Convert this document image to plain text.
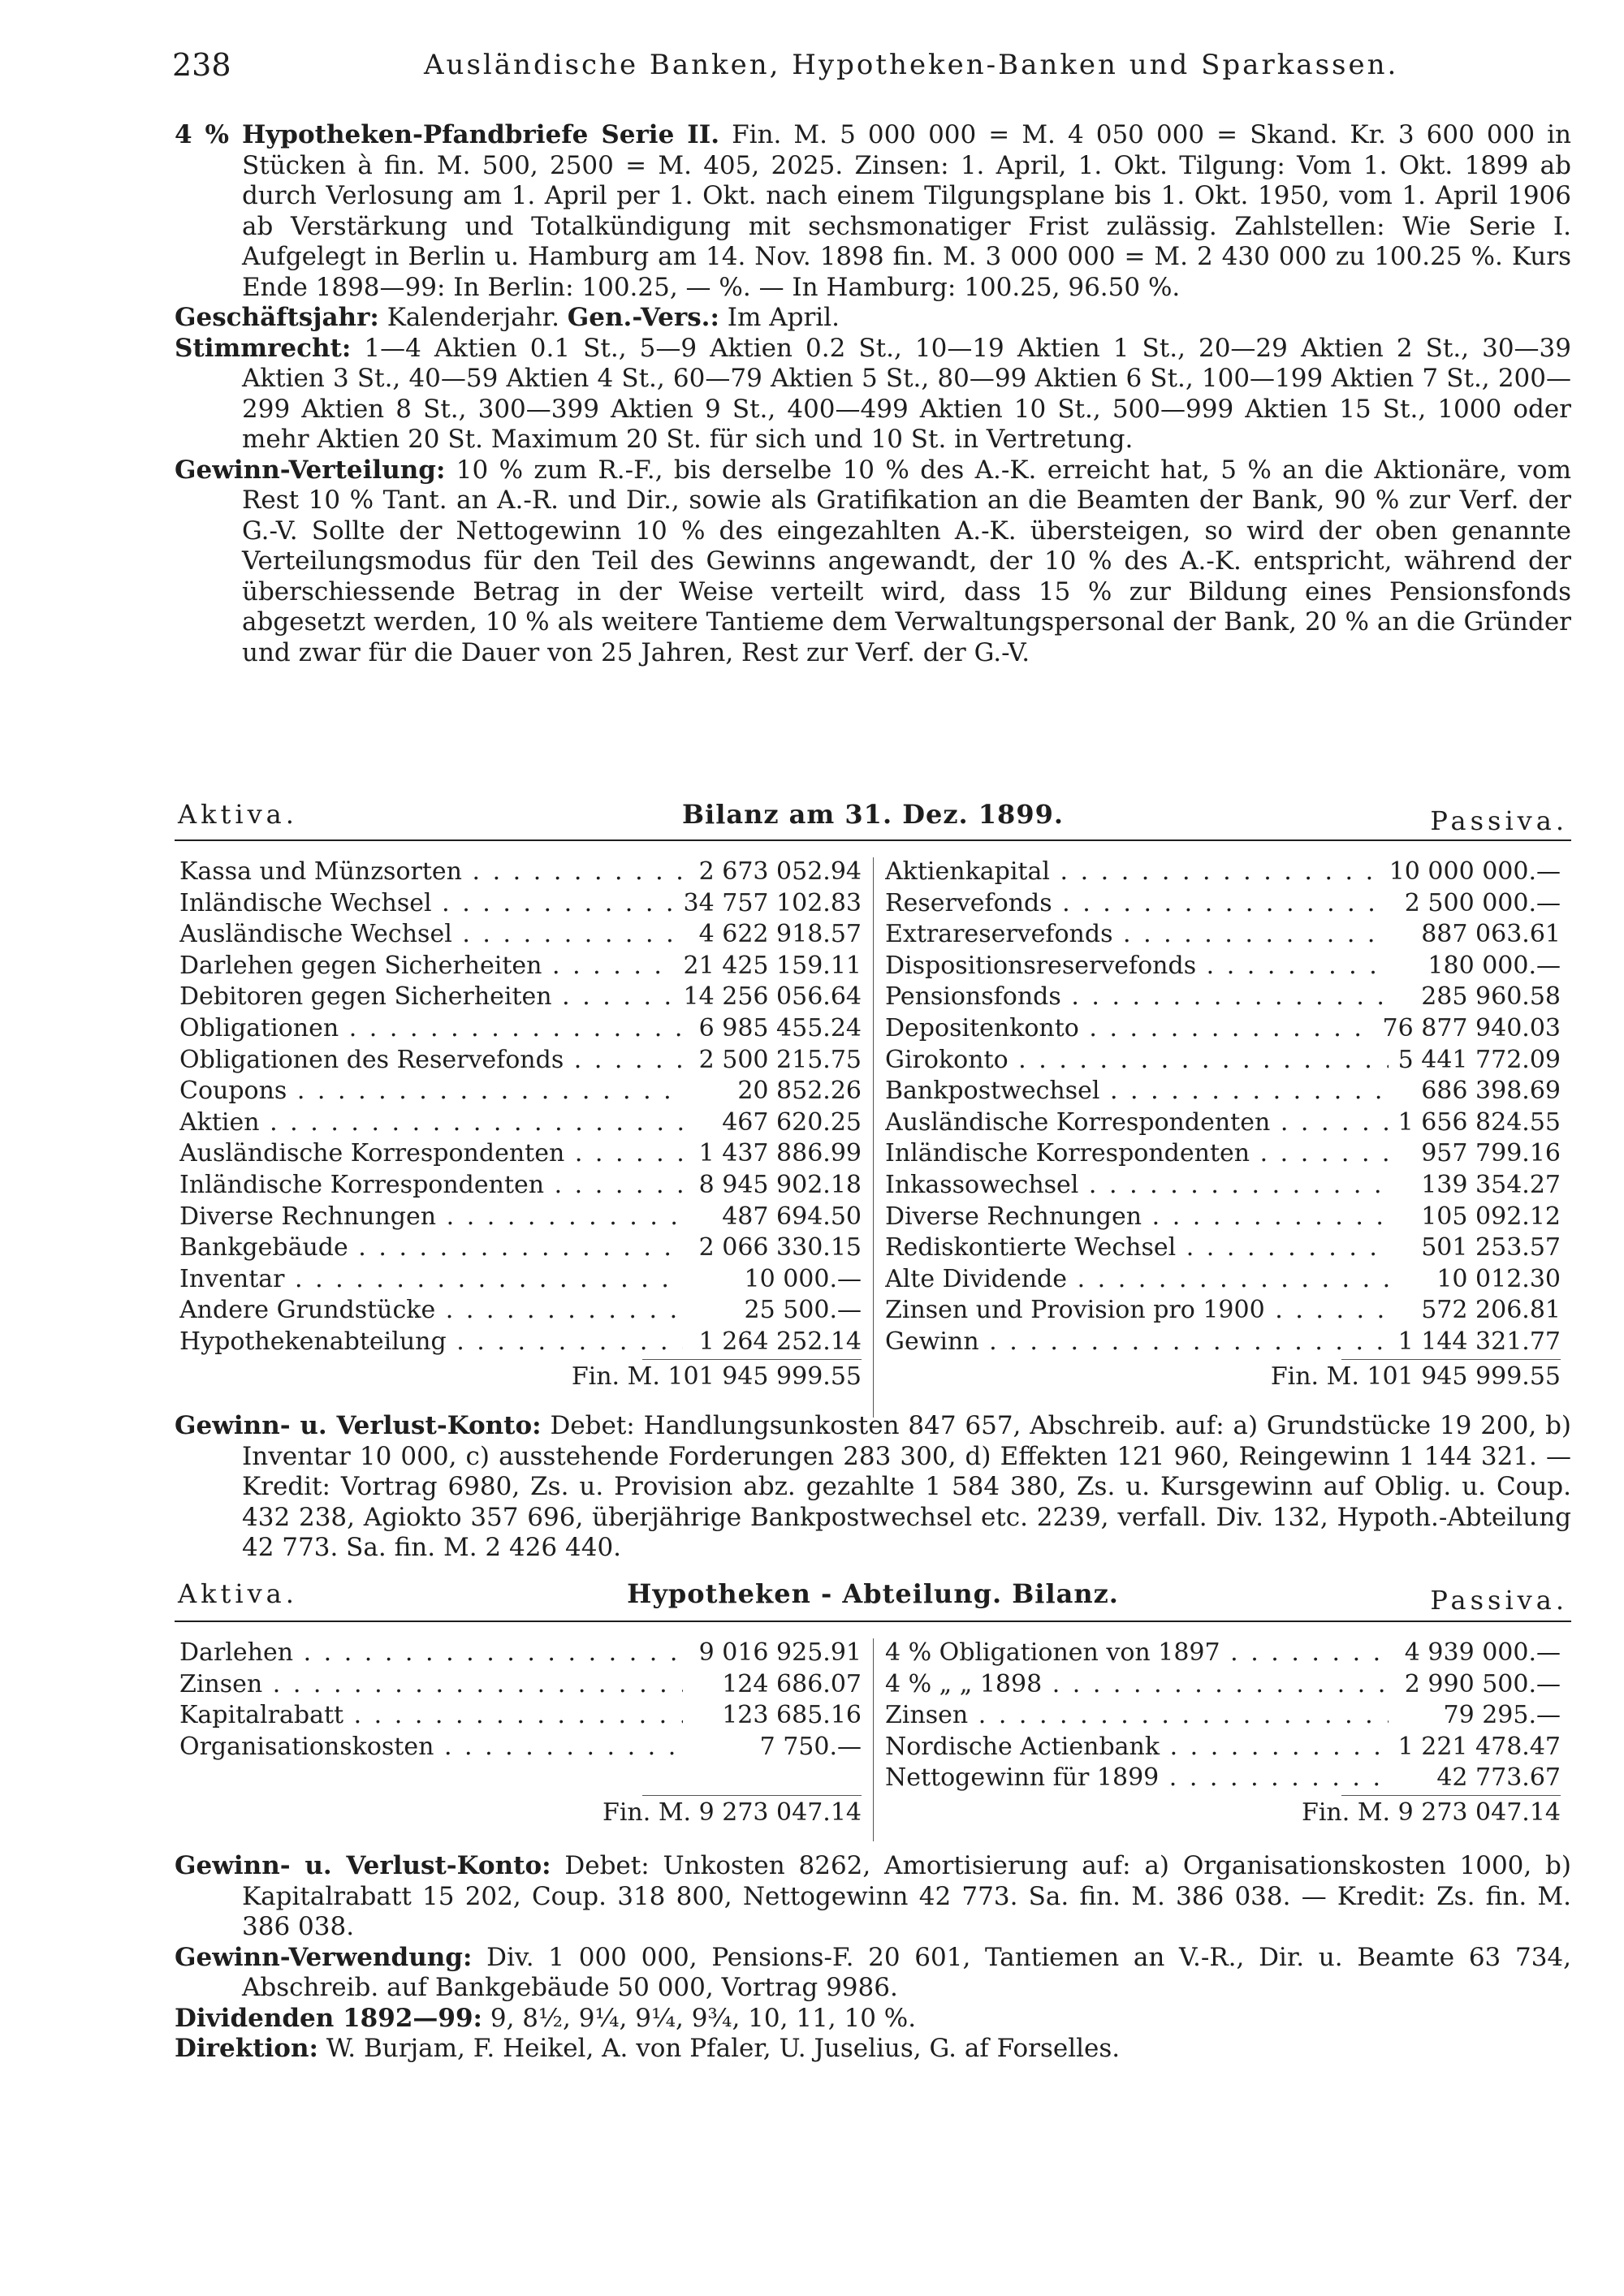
238	Ausländische Banken, Hypotheken-Banken und Sparkassen.

4 % Hypotheken-Pfandbriefe Serie II. Fin. M. 5 000 000 = M. 4 050 000 = Skand. Kr. 3 600 000 in Stücken à fin. M. 500, 2500 = M. 405, 2025. Zinsen: 1. April, 1. Okt. Tilgung: Vom 1. Okt. 1899 ab durch Verlosung am 1. April per 1. Okt. nach einem Tilgungsplane bis 1. Okt. 1950, vom 1. April 1906 ab Verstärkung und Totalkündigung mit sechsmonatiger Frist zulässig. Zahlstellen: Wie Serie I. Aufgelegt in Berlin u. Hamburg am 14. Nov. 1898 fin. M. 3 000 000 = M. 2 430 000 zu 100.25 %. Kurs Ende 1898—99: In Berlin: 100.25, — %. — In Hamburg: 100.25, 96.50 %.

Geschäftsjahr: Kalenderjahr. Gen.-Vers.: Im April.

Stimmrecht: 1—4 Aktien 0.1 St., 5—9 Aktien 0.2 St., 10—19 Aktien 1 St., 20—29 Aktien 2 St., 30—39 Aktien 3 St., 40—59 Aktien 4 St., 60—79 Aktien 5 St., 80—99 Aktien 6 St., 100—199 Aktien 7 St., 200—299 Aktien 8 St., 300—399 Aktien 9 St., 400—499 Aktien 10 St., 500—999 Aktien 15 St., 1000 oder mehr Aktien 20 St. Maximum 20 St. für sich und 10 St. in Vertretung.

Gewinn-Verteilung: 10 % zum R.-F., bis derselbe 10 % des A.-K. erreicht hat, 5 % an die Aktionäre, vom Rest 10 % Tant. an A.-R. und Dir., sowie als Gratifikation an die Beamten der Bank, 90 % zur Verf. der G.-V. Sollte der Nettogewinn 10 % des eingezahlten A.-K. übersteigen, so wird der oben genannte Verteilungsmodus für den Teil des Gewinns angewandt, der 10 % des A.-K. entspricht, während der überschiessende Betrag in der Weise verteilt wird, dass 15 % zur Bildung eines Pensionsfonds abgesetzt werden, 10 % als weitere Tantieme dem Verwaltungspersonal der Bank, 20 % an die Gründer und zwar für die Dauer von 25 Jahren, Rest zur Verf. der G.-V.

Aktiva.	Bilanz am 31. Dez. 1899.	Passiva.
Kassa und Münzsorten . . .	2 673 052.94
Inländische Wechsel . . .	34 757 102.83
Ausländische Wechsel . . .	4 622 918.57
Darlehen gegen Sicherheiten . . .	21 425 159.11
Debitoren gegen Sicherheiten . . .	14 256 056.64
Obligationen . . .	6 985 455.24
Obligationen des Reservefonds . . .	2 500 215.75
Coupons . . .	20 852.26
Aktien . . .	467 620.25
Ausländische Korrespondenten . . .	1 437 886.99
Inländische Korrespondenten . . .	8 945 902.18
Diverse Rechnungen . . .	487 694.50
Bankgebäude . . .	2 066 330.15
Inventar . . .	10 000.—
Andere Grundstücke . . .	25 500.—
Hypothekenabteilung . . .	1 264 252.14
Fin. M. 101 945 999.55
Aktienkapital . . .	10 000 000.—
Reservefonds . . .	2 500 000.—
Extrareservefonds . . .	887 063.61
Dispositionsreservefonds . . .	180 000.—
Pensionsfonds . . .	285 960.58
Depositenkonto . . .	76 877 940.03
Girokonto . . .	5 441 772.09
Bankpostwechsel . . .	686 398.69
Ausländische Korrespondenten . . .	1 656 824.55
Inländische Korrespondenten . . .	957 799.16
Inkassowechsel . . .	139 354.27
Diverse Rechnungen . . .	105 092.12
Rediskontierte Wechsel . . .	501 253.57
Alte Dividende . . .	10 012.30
Zinsen und Provision pro 1900 . . .	572 206.81
Gewinn . . .	1 144 321.77
Fin. M. 101 945 999.55

Gewinn- u. Verlust-Konto: Debet: Handlungsunkosten 847 657, Abschreib. auf: a) Grundstücke 19 200, b) Inventar 10 000, c) ausstehende Forderungen 283 300, d) Effekten 121 960, Reingewinn 1 144 321. — Kredit: Vortrag 6980, Zs. u. Provision abz. gezahlte 1 584 380, Zs. u. Kursgewinn auf Oblig. u. Coup. 432 238, Agiokto 357 696, überjährige Bankpostwechsel etc. 2239, verfall. Div. 132, Hypoth.-Abteilung 42 773. Sa. fin. M. 2 426 440.

Aktiva.	Hypotheken - Abteilung. Bilanz.	Passiva.
Darlehen . . .	9 016 925.91
Zinsen . . .	124 686.07
Kapitalrabatt . . .	123 685.16
Organisationskosten . . .	7 750.—
Fin. M. 9 273 047.14
4 % Obligationen von 1897 . . .	4 939 000.—
4 % „ „ 1898 . . .	2 990 500.—
Zinsen . . .	79 295.—
Nordische Actienbank . . .	1 221 478.47
Nettogewinn für 1899 . . .	42 773.67
Fin. M. 9 273 047.14

Gewinn- u. Verlust-Konto: Debet: Unkosten 8262, Amortisierung auf: a) Organisationskosten 1000, b) Kapitalrabatt 15 202, Coup. 318 800, Nettogewinn 42 773. Sa. fin. M. 386 038. — Kredit: Zs. fin. M. 386 038.

Gewinn-Verwendung: Div. 1 000 000, Pensions-F. 20 601, Tantiemen an V.-R., Dir. u. Beamte 63 734, Abschreib. auf Bankgebäude 50 000, Vortrag 9986.

Dividenden 1892—99: 9, 8½, 9¼, 9¼, 9¾, 10, 11, 10 %.

Direktion: W. Burjam, F. Heikel, A. von Pfaler, U. Juselius, G. af Forselles.
